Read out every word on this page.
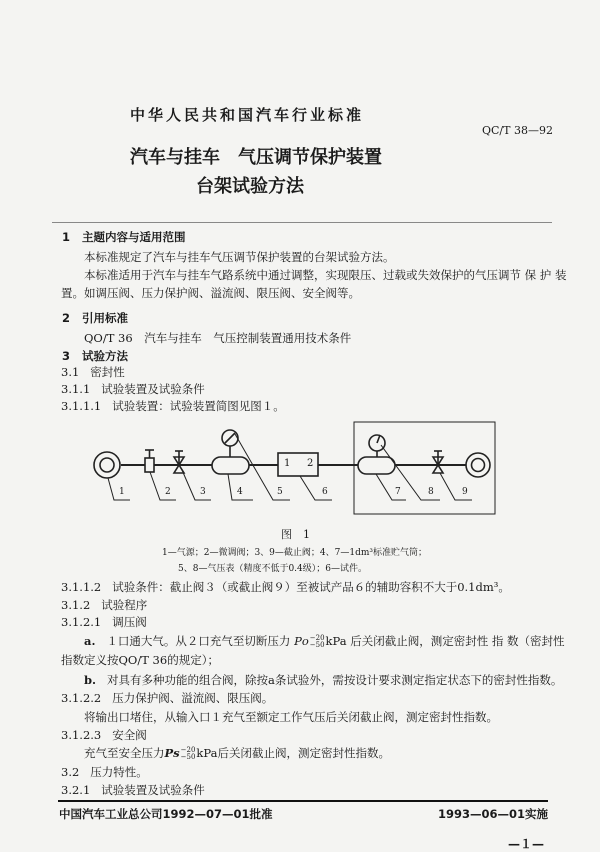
中华人民共和国汽车行业标准
QC/T 38—92
汽车与挂车　气压调节保护装置
台架试验方法
1 主题内容与适用范围
本标准规定了汽车与挂车气压调节保护装置的台架试验方法。
本标准适用于汽车与挂车气路系统中通过调整，实现限压、过载或失效保护的气压调节 保 护 装
置。如调压阀、压力保护阀、溢流阀、限压阀、安全阀等。
2 引用标准
QO/T 36　汽车与挂车　气压控制装置通用技术条件
3 试验方法
3.1 密封性
3.1.1 试验装置及试验条件
3.1.1.1 试验装置：试验装置简图见图１。
1 2
1	2	3	4	5	6	7	8	9
图　1
1—气源；2—微调阀；3、9—截止阀；4、7—1dm³标准贮气筒；
5、8—气压表（精度不低于0.4级）；6—试件。
3.1.1.2 试验条件：截止阀３（或截止阀９）至被试产品６的辅助容积不大于0.1dm³。
3.1.2 试验程序
3.1.2.1 调压阀
a. １口通大气。从２口充气至切断压力 Pο −20
−50 kPa 后关闭截止阀，测定密封性 指 数（密封性
指数定义按QO/T 36的规定）；
b. 对具有多种功能的组合阀，除按a条试验外，需按设计要求测定指定状态下的密封性指数。
3.1.2.2 压力保护阀、溢流阀、限压阀。
将输出口堵住，从输入口１充气至额定工作气压后关闭截止阀，测定密封性指数。
3.1.2.3 安全阀
充气至安全压力Ps −20
−50 kPa后关闭截止阀，测定密封性指数。
3.2 压力特性。
3.2.1 试验装置及试验条件
中国汽车工业总公司1992—07—01批准	1993—06—01实施
—１—
